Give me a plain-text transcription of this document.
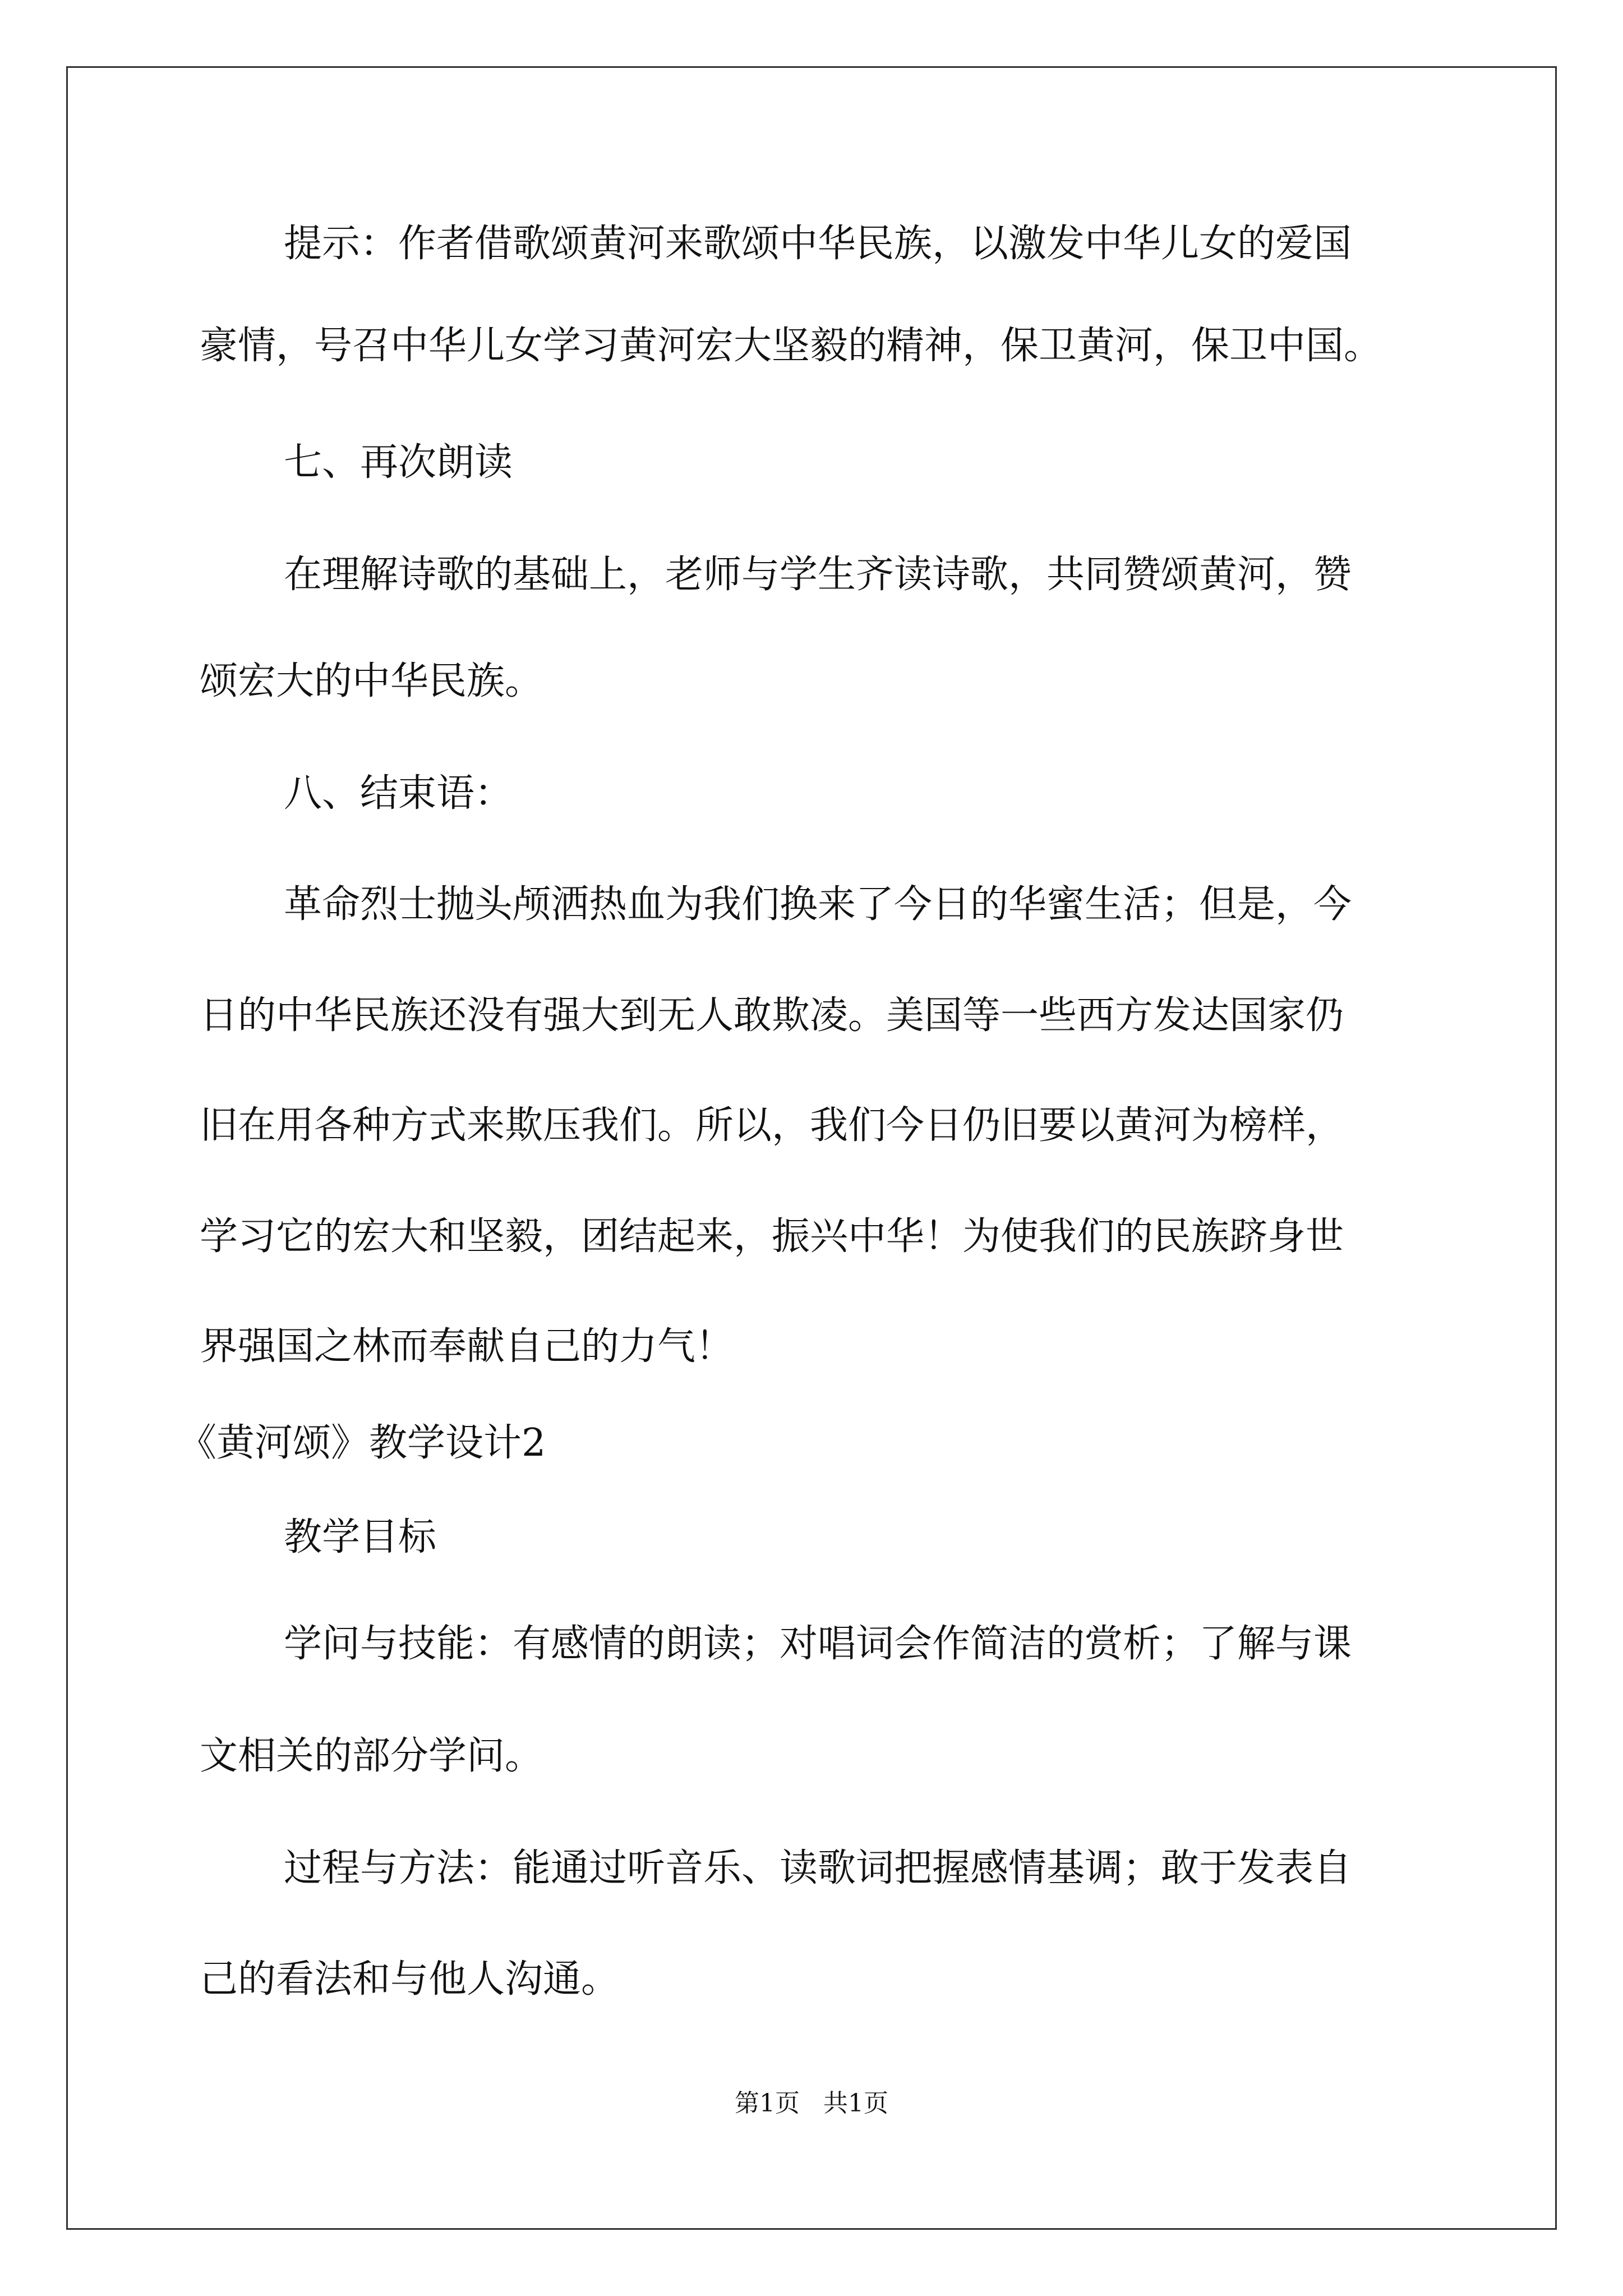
提示：作者借歌颂黄河来歌颂中华民族，以激发中华儿女的爱国
豪情，号召中华儿女学习黄河宏大坚毅的精神，保卫黄河，保卫中国。
七、再次朗读
在理解诗歌的基础上，老师与学生齐读诗歌，共同赞颂黄河，赞
颂宏大的中华民族。
八、结束语：
革命烈士抛头颅洒热血为我们换来了今日的华蜜生活；但是，今
日的中华民族还没有强大到无人敢欺凌。美国等一些西方发达国家仍
旧在用各种方式来欺压我们。所以，我们今日仍旧要以黄河为榜样，
学习它的宏大和坚毅，团结起来，振兴中华！为使我们的民族跻身世
界强国之林而奉献自己的力气！
《黄河颂》教学设计2
教学目标
学问与技能：有感情的朗读；对唱词会作简洁的赏析；了解与课
文相关的部分学问。
过程与方法：能通过听音乐、读歌词把握感情基调；敢于发表自
己的看法和与他人沟通。
第1页   共1页
